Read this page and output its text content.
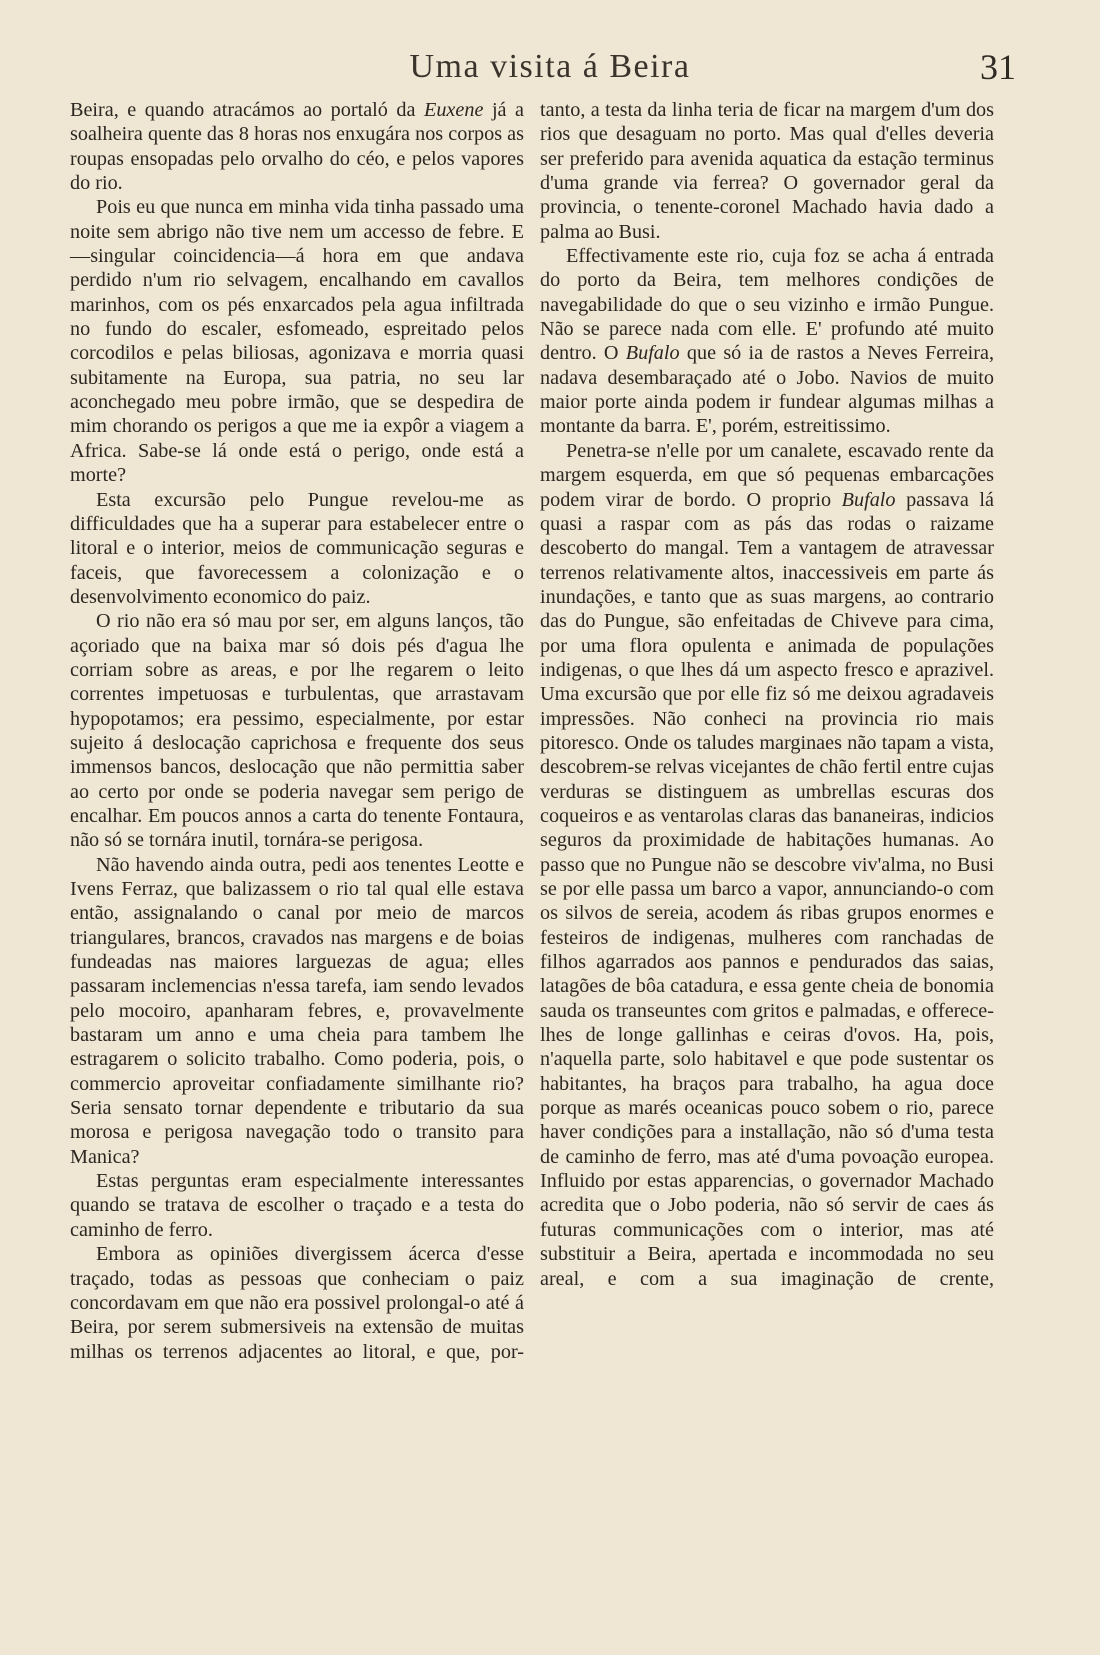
Uma visita á Beira	31

Beira, e quando atracámos ao portaló da Euxene já a soalheira quente das 8 horas nos enxugára nos corpos as roupas ensopadas pelo orvalho do céo, e pelos vapores do rio.

Pois eu que nunca em minha vida tinha passado uma noite sem abrigo não tive nem um accesso de febre. E—singular coincidencia—á hora em que andava perdido n'um rio selvagem, encalhando em cavallos marinhos, com os pés enxarcados pela agua infiltrada no fundo do escaler, esfomeado, espreitado pelos corcodilos e pelas biliosas, agonizava e morria quasi subitamente na Europa, sua patria, no seu lar aconchegado meu pobre irmão, que se despedira de mim chorando os perigos a que me ia expôr a viagem a Africa. Sabe-se lá onde está o perigo, onde está a morte?

Esta excursão pelo Pungue revelou-me as difficuldades que ha a superar para estabelecer entre o litoral e o interior, meios de communicação seguras e faceis, que favorecessem a colonização e o desenvolvimento economico do paiz.

O rio não era só mau por ser, em alguns lanços, tão açoriado que na baixa mar só dois pés d'agua lhe corriam sobre as areas, e por lhe regarem o leito correntes impetuosas e turbulentas, que arrastavam hypopotamos; era pessimo, especialmente, por estar sujeito á deslocação caprichosa e frequente dos seus immensos bancos, deslocação que não permittia saber ao certo por onde se poderia navegar sem perigo de encalhar. Em poucos annos a carta do tenente Fontaura, não só se tornára inutil, tornára-se perigosa.

Não havendo ainda outra, pedi aos tenentes Leotte e Ivens Ferraz, que balizassem o rio tal qual elle estava então, assignalando o canal por meio de marcos triangulares, brancos, cravados nas margens e de boias fundeadas nas maiores larguezas de agua; elles passaram inclemencias n'essa tarefa, iam sendo levados pelo mocoiro, apanharam febres, e, provavelmente bastaram um anno e uma cheia para tambem lhe estragarem o solicito trabalho. Como poderia, pois, o commercio aproveitar confiadamente similhante rio? Seria sensato tornar dependente e tributario da sua morosa e perigosa navegação todo o transito para Manica?

Estas perguntas eram especialmente interessantes quando se tratava de escolher o traçado e a testa do caminho de ferro.

Embora as opiniões divergissem ácerca d'esse traçado, todas as pessoas que conheciam o paiz concordavam em que não era possivel prolongal-o até á Beira, por serem submersiveis na extensão de muitas milhas os terrenos adjacentes ao litoral, e que, por-

tanto, a testa da linha teria de ficar na margem d'um dos rios que desaguam no porto. Mas qual d'elles deveria ser preferido para avenida aquatica da estação terminus d'uma grande via ferrea? O governador geral da provincia, o tenente-coronel Machado havia dado a palma ao Busi.

Effectivamente este rio, cuja foz se acha á entrada do porto da Beira, tem melhores condições de navegabilidade do que o seu vizinho e irmão Pungue. Não se parece nada com elle. E' profundo até muito dentro. O Bufalo que só ia de rastos a Neves Ferreira, nadava desembaraçado até o Jobo. Navios de muito maior porte ainda podem ir fundear algumas milhas a montante da barra. E', porém, estreitissimo.

Penetra-se n'elle por um canalete, escavado rente da margem esquerda, em que só pequenas embarcações podem virar de bordo. O proprio Bufalo passava lá quasi a raspar com as pás das rodas o raizame descoberto do mangal. Tem a vantagem de atravessar terrenos relativamente altos, inaccessiveis em parte ás inundações, e tanto que as suas margens, ao contrario das do Pungue, são enfeitadas de Chiveve para cima, por uma flora opulenta e animada de populações indigenas, o que lhes dá um aspecto fresco e aprazivel. Uma excursão que por elle fiz só me deixou agradaveis impressões. Não conheci na provincia rio mais pitoresco. Onde os taludes marginaes não tapam a vista, descobrem-se relvas vicejantes de chão fertil entre cujas verduras se distinguem as umbrellas escuras dos coqueiros e as ventarolas claras das bananeiras, indicios seguros da proximidade de habitações humanas. Ao passo que no Pungue não se descobre viv'alma, no Busi se por elle passa um barco a vapor, annunciando-o com os silvos de sereia, acodem ás ribas grupos enormes e festeiros de indigenas, mulheres com ranchadas de filhos agarrados aos pannos e pendurados das saias, latagões de bôa catadura, e essa gente cheia de bonomia sauda os transeuntes com gritos e palmadas, e offerece-lhes de longe gallinhas e ceiras d'ovos. Ha, pois, n'aquella parte, solo habitavel e que pode sustentar os habitantes, ha braços para trabalho, ha agua doce porque as marés oceanicas pouco sobem o rio, parece haver condições para a installação, não só d'uma testa de caminho de ferro, mas até d'uma povoação europea. Influido por estas apparencias, o governador Machado acredita que o Jobo poderia, não só servir de caes ás futuras communicações com o interior, mas até substituir a Beira, apertada e incommodada no seu areal, e com a sua imaginação de crente,
